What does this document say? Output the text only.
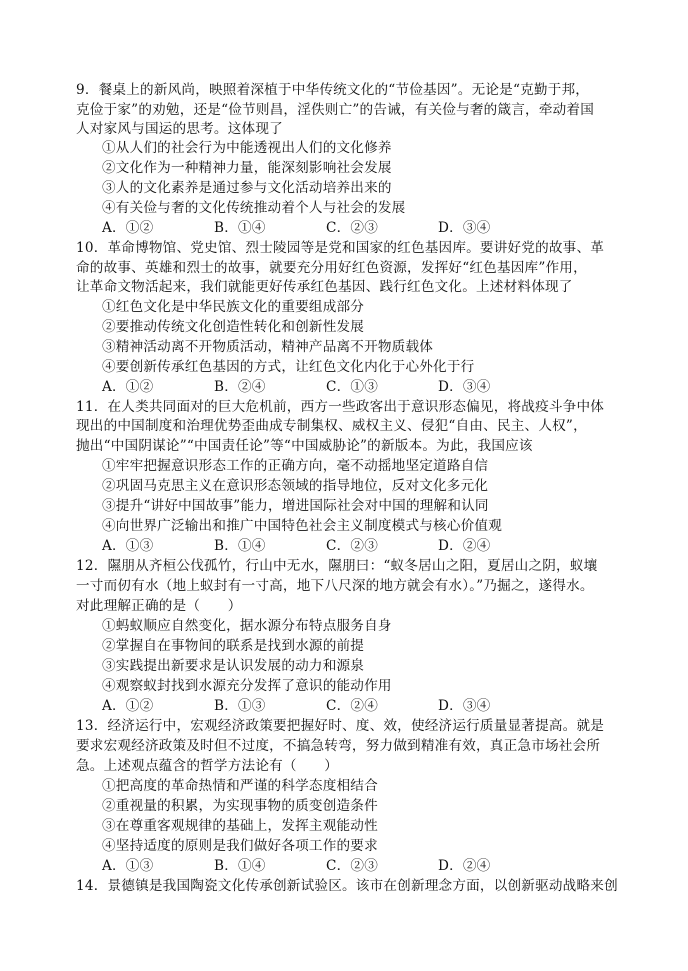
9．餐桌上的新风尚，映照着深植于中华传统文化的“节俭基因”。无论是“克勤于邦，
克俭于家”的劝勉，还是“俭节则昌，淫佚则亡”的告诫，有关俭与奢的箴言，牵动着国
人对家风与国运的思考。这体现了
①从人们的社会行为中能透视出人们的文化修养
②文化作为一种精神力量，能深刻影响社会发展
③人的文化素养是通过参与文化活动培养出来的
④有关俭与奢的文化传统推动着个人与社会的发展
A．①②	B．①④	C．②③	D．③④
10．革命博物馆、党史馆、烈士陵园等是党和国家的红色基因库。要讲好党的故事、革
命的故事、英雄和烈士的故事，就要充分用好红色资源，发挥好“红色基因库”作用，
让革命文物活起来，我们就能更好传承红色基因、践行红色文化。上述材料体现了
①红色文化是中华民族文化的重要组成部分
②要推动传统文化创造性转化和创新性发展
③精神活动离不开物质活动，精神产品离不开物质载体
④要创新传承红色基因的方式，让红色文化内化于心外化于行
A．①②	B．②④	C．①③	D．③④
11．在人类共同面对的巨大危机前，西方一些政客出于意识形态偏见，将战疫斗争中体
现出的中国制度和治理优势歪曲成专制集权、威权主义、侵犯“自由、民主、人权”，
抛出“中国阴谋论”“中国责任论”等“中国威胁论”的新版本。为此，我国应该
①牢牢把握意识形态工作的正确方向，毫不动摇地坚定道路自信
②巩固马克思主义在意识形态领域的指导地位，反对文化多元化
③提升“讲好中国故事”能力，增进国际社会对中国的理解和认同
④向世界广泛输出和推广中国特色社会主义制度模式与核心价值观
A．①③	B．①④	C．②③	D．②④
12．隰朋从齐桓公伐孤竹，行山中无水，隰朋曰：“蚁冬居山之阳，夏居山之阴，蚁壤
一寸而仞有水（地上蚁封有一寸高，地下八尺深的地方就会有水）。”乃掘之，遂得水。
对此理解正确的是（　　）
①蚂蚁顺应自然变化，据水源分布特点服务自身
②掌握自在事物间的联系是找到水源的前提
③实践提出新要求是认识发展的动力和源泉
④观察蚁封找到水源充分发挥了意识的能动作用
A．①②	B．①③	C．②④	D．③④
13．经济运行中，宏观经济政策要把握好时、度、效，使经济运行质量显著提高。就是
要求宏观经济政策及时但不过度，不搞急转弯，努力做到精准有效，真正急市场社会所
急。上述观点蕴含的哲学方法论有（　　）
①把高度的革命热情和严谨的科学态度相结合
②重视量的积累，为实现事物的质变创造条件
③在尊重客观规律的基础上，发挥主观能动性
④坚持适度的原则是我们做好各项工作的要求
A．①③	B．①④	C．②③	D．②④
14．景德镇是我国陶瓷文化传承创新试验区。该市在创新理念方面，以创新驱动战略来创
